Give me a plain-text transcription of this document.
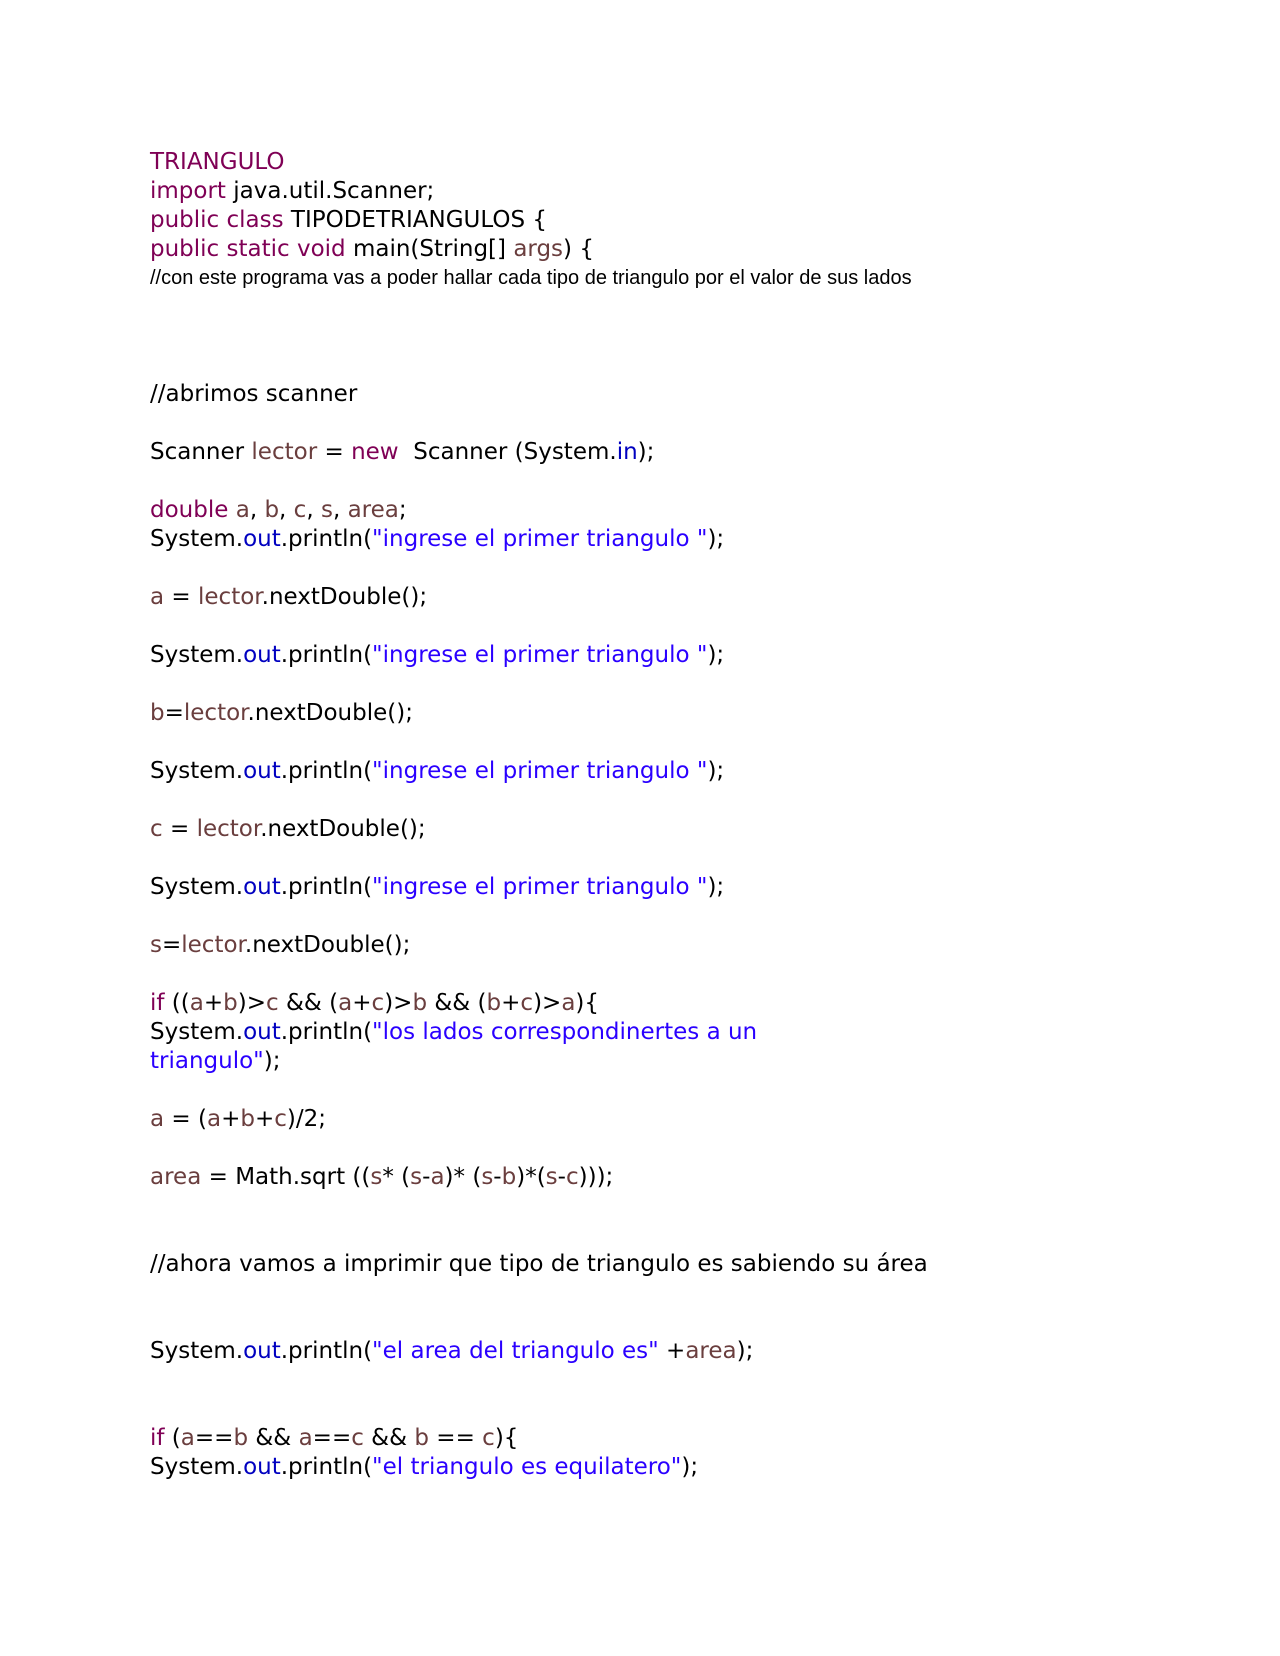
TRIANGULO
import java.util.Scanner;
public class TIPODETRIANGULOS {
public static void main(String[] args) {
//con este programa vas a poder hallar cada tipo de triangulo por el valor de sus lados
//abrimos scanner
Scanner lector = new  Scanner (System.in);
double a, b, c, s, area;
System.out.println("ingrese el primer triangulo ");
a = lector.nextDouble();
System.out.println("ingrese el primer triangulo ");
b=lector.nextDouble();
System.out.println("ingrese el primer triangulo ");
c = lector.nextDouble();
System.out.println("ingrese el primer triangulo ");
s=lector.nextDouble();
if ((a+b)>c && (a+c)>b && (b+c)>a){
System.out.println("los lados correspondinertes a un triangulo");
a = (a+b+c)/2;
area = Math.sqrt ((s* (s-a)* (s-b)*(s-c)));
//ahora vamos a imprimir que tipo de triangulo es sabiendo su área
System.out.println("el area del triangulo es" +area);
if (a==b && a==c && b == c){
System.out.println("el triangulo es equilatero");
